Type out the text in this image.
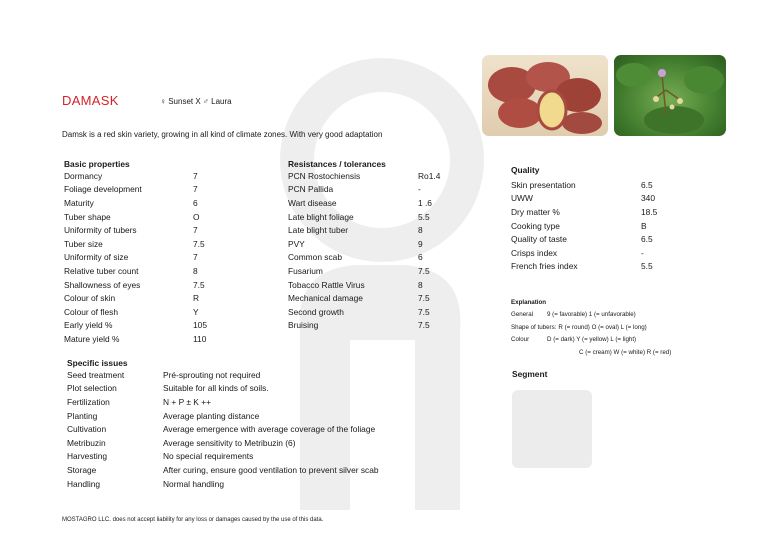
DAMASK	♀ Sunset X ♂ Laura
Damsk is a red skin variety, growing in all kind of climate zones. With very good adaptation
Basic properties
Dormancy	7
Foliage development	7
Maturity	6
Tuber shape	O
Uniformity of tubers	7
Tuber size	7.5
Uniformity of size	7
Relative tuber count	8
Shallowness of eyes	7.5
Colour of skin	R
Colour of flesh	Y
Early yield %	105
Mature yield %	110
Resistances / tolerances
PCN Rostochiensis	Ro1.4
PCN Pallida	-
Wart disease	1 .6
Late blight foliage	5.5
Late blight tuber	8
PVY	9
Common scab	6
Fusarium	7.5
Tobacco Rattle Virus	8
Mechanical damage	7.5
Second growth	7.5
Bruising	7.5
Quality
Skin presentation	6.5
UWW	340
Dry matter %	18.5
Cooking type	B
Quality of taste	6.5
Crisps index	-
French fries index	5.5
Explanation
General 9 (= favorable) 1 (= unfavorable)
Shape of tubers: R (= round) O (= oval) L (= long)
Colour	D (= dark) Y (= yellow) L (= light)
C (= cream) W (= white) R (= red)
Segment
Specific issues
Seed treatment	Pré-sprouting not required
Plot selection	Suitable for all kinds of soils.
Fertilization	N + P ± K ++
Planting	Average planting distance
Cultivation	Average emergence with average coverage of the foliage
Metribuzin	Average sensitivity to Metribuzin (6)
Harvesting	No special requirements
Storage	After curing, ensure good ventilation to prevent silver scab
Handling	Normal handling
MOSTAGRO LLC. does not accept liability for any loss or damages caused by the use of this data.
